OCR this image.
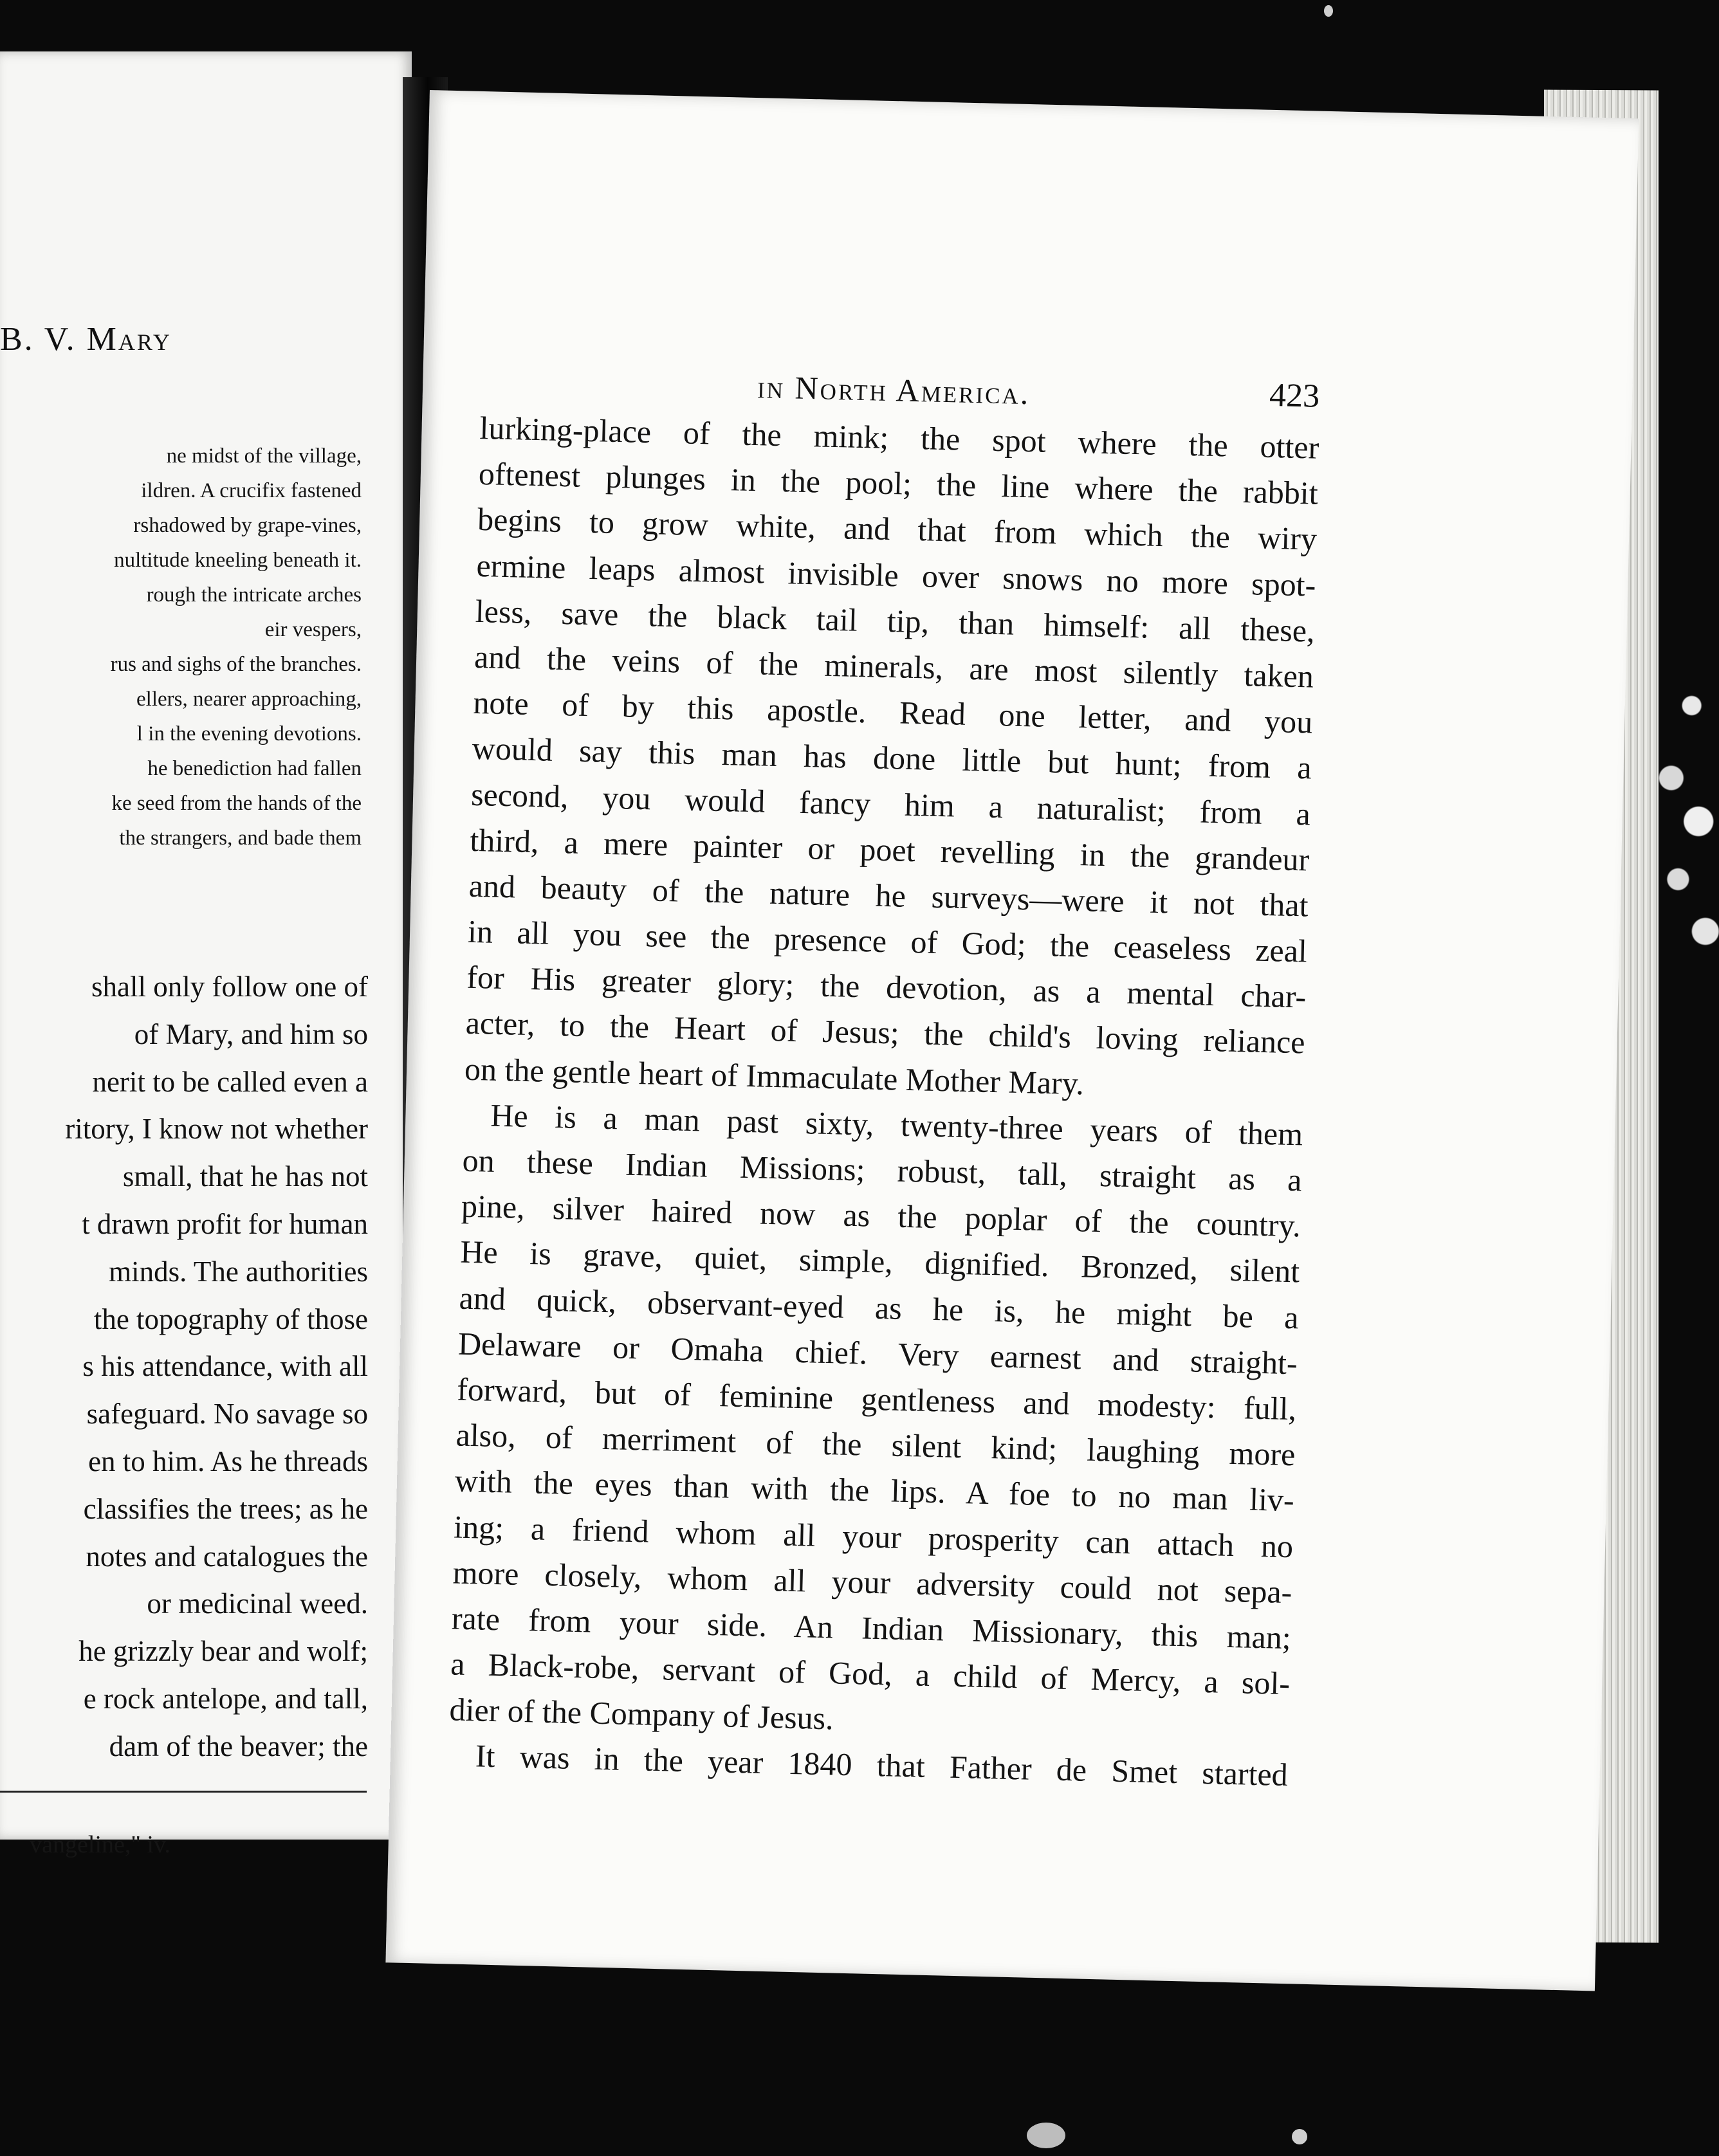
B. V. Mary
ne midst of the village,
ildren. A crucifix fastened
rshadowed by grape-vines,
nultitude kneeling beneath it.
rough the intricate arches
eir vespers,
rus and sighs of the branches.
ellers, nearer approaching,
l in the evening devotions.
he benediction had fallen
ke seed from the hands of the
the strangers, and bade them
shall only follow one of
of Mary, and him so
nerit to be called even a
ritory, I know not whether
small, that he has not
t drawn profit for human
minds. The authorities
the topography of those
s his attendance, with all
safeguard. No savage so
en to him. As he threads
classifies the trees; as he
notes and catalogues the
or medicinal weed.
he grizzly bear and wolf;
e rock antelope, and tall,
dam of the beaver; the
vangeline," iv.
in North America.	423
lurking-place of the mink; the spot where the otter
oftenest plunges in the pool; the line where the rabbit
begins to grow white, and that from which the wiry
ermine leaps almost invisible over snows no more spot-
less, save the black tail tip, than himself: all these,
and the veins of the minerals, are most silently taken
note of by this apostle. Read one letter, and you
would say this man has done little but hunt; from a
second, you would fancy him a naturalist; from a
third, a mere painter or poet revelling in the grandeur
and beauty of the nature he surveys—were it not that
in all you see the presence of God; the ceaseless zeal
for His greater glory; the devotion, as a mental char-
acter, to the Heart of Jesus; the child's loving reliance
on the gentle heart of Immaculate Mother Mary.
He is a man past sixty, twenty-three years of them
on these Indian Missions; robust, tall, straight as a
pine, silver haired now as the poplar of the country.
He is grave, quiet, simple, dignified. Bronzed, silent
and quick, observant-eyed as he is, he might be a
Delaware or Omaha chief. Very earnest and straight-
forward, but of feminine gentleness and modesty: full,
also, of merriment of the silent kind; laughing more
with the eyes than with the lips. A foe to no man liv-
ing; a friend whom all your prosperity can attach no
more closely, whom all your adversity could not sepa-
rate from your side. An Indian Missionary, this man;
a Black-robe, servant of God, a child of Mercy, a sol-
dier of the Company of Jesus.
It was in the year 1840 that Father de Smet started
